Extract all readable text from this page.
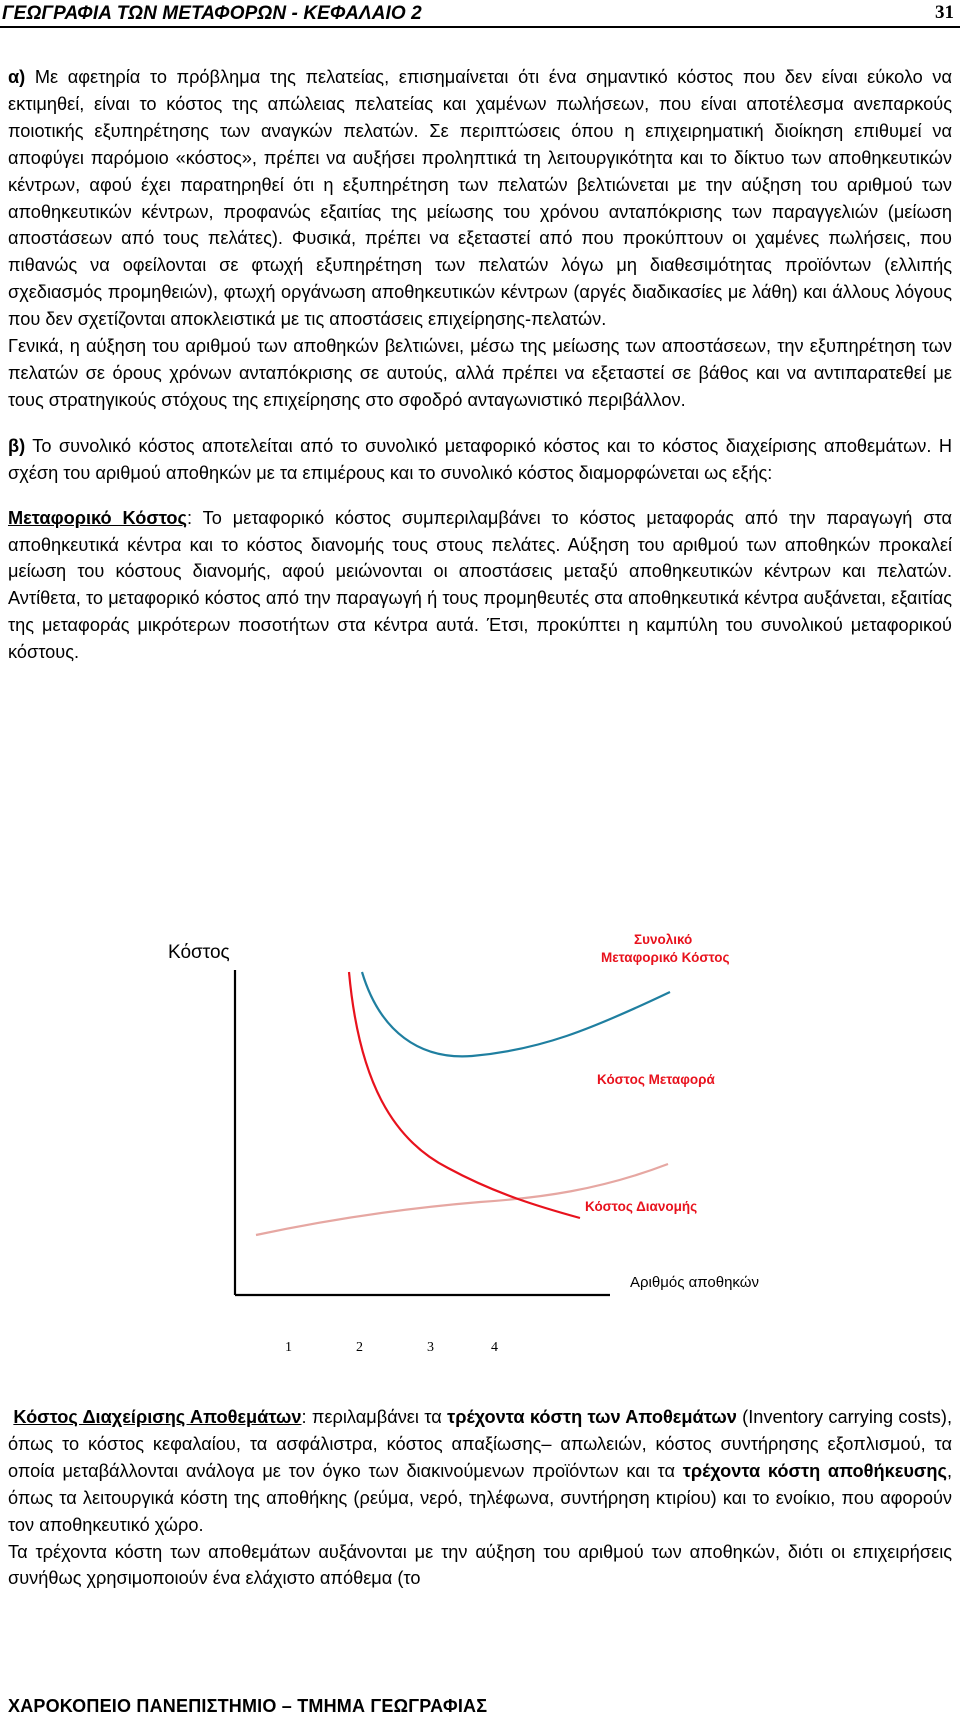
ΓΕΩΓΡΑΦΙΑ ΤΩΝ ΜΕΤΑΦΟΡΩΝ - ΚΕΦΑΛΑΙΟ 2	31

α) Με αφετηρία το πρόβλημα της πελατείας, επισημαίνεται ότι ένα σημαντικό κόστος που δεν είναι εύκολο να εκτιμηθεί, είναι το κόστος της απώλειας πελατείας και χαμένων πωλήσεων, που είναι αποτέλεσμα ανεπαρκούς ποιοτικής εξυπηρέτησης των αναγκών πελατών. Σε περιπτώσεις όπου η επιχειρηματική διοίκηση επιθυμεί να αποφύγει παρόμοιο «κόστος», πρέπει να αυξήσει προληπτικά τη λειτουργικότητα και το δίκτυο των αποθηκευτικών κέντρων, αφού έχει παρατηρηθεί ότι η εξυπηρέτηση των πελατών βελτιώνεται με την αύξηση του αριθμού των αποθηκευτικών κέντρων, προφανώς εξαιτίας της μείωσης του χρόνου ανταπόκρισης των παραγγελιών (μείωση αποστάσεων από τους πελάτες). Φυσικά, πρέπει να εξεταστεί από που προκύπτουν οι χαμένες πωλήσεις, που πιθανώς να οφείλονται σε φτωχή εξυπηρέτηση των πελατών λόγω μη διαθεσιμότητας προϊόντων (ελλιπής σχεδιασμός προμηθειών), φτωχή οργάνωση αποθηκευτικών κέντρων (αργές διαδικασίες με λάθη) και άλλους λόγους που δεν σχετίζονται αποκλειστικά με τις αποστάσεις επιχείρησης-πελατών.

Γενικά, η αύξηση του αριθμού των αποθηκών βελτιώνει, μέσω της μείωσης των αποστάσεων, την εξυπηρέτηση των πελατών σε όρους χρόνων ανταπόκρισης σε αυτούς, αλλά πρέπει να εξεταστεί σε βάθος και να αντιπαρατεθεί με τους στρατηγικούς στόχους της επιχείρησης στο σφοδρό ανταγωνιστικό περιβάλλον.

β) Το συνολικό κόστος αποτελείται από το συνολικό μεταφορικό κόστος και το κόστος διαχείρισης αποθεμάτων. Η σχέση του αριθμού αποθηκών με τα επιμέρους και το συνολικό κόστος διαμορφώνεται ως εξής:

Μεταφορικό Κόστος: Το μεταφορικό κόστος συμπεριλαμβάνει το κόστος μεταφοράς από την παραγωγή στα αποθηκευτικά κέντρα και το κόστος διανομής τους στους πελάτες. Αύξηση του αριθμού των αποθηκών προκαλεί μείωση του κόστους διανομής, αφού μειώνονται οι αποστάσεις μεταξύ αποθηκευτικών κέντρων και πελατών. Αντίθετα, το μεταφορικό κόστος από την παραγωγή ή τους προμηθευτές στα αποθηκευτικά κέντρα αυξάνεται, εξαιτίας της μεταφοράς μικρότερων ποσοτήτων στα κέντρα αυτά. Έτσι, προκύπτει η καμπύλη του συνολικού μεταφορικού κόστους.

Κόστος
Αριθμός αποθηκών
1	2	3	4
Συνολικό
Μεταφορικό Κόστος
Κόστος Μεταφορά
Κόστος Διανομής

Κόστος Διαχείρισης Αποθεμάτων: περιλαμβάνει τα τρέχοντα κόστη των Αποθεμάτων (Inventory carrying costs), όπως το κόστος κεφαλαίου, τα ασφάλιστρα, κόστος απαξίωσης– απωλειών, κόστος συντήρησης εξοπλισμού, τα οποία μεταβάλλονται ανάλογα με τον όγκο των διακινούμενων προϊόντων και τα τρέχοντα κόστη αποθήκευσης, όπως τα λειτουργικά κόστη της αποθήκης (ρεύμα, νερό, τηλέφωνα, συντήρηση κτιρίου) και το ενοίκιο, που αφορούν τον αποθηκευτικό χώρο.

Τα τρέχοντα κόστη των αποθεμάτων αυξάνονται με την αύξηση του αριθμού των αποθηκών, διότι οι επιχειρήσεις συνήθως χρησιμοποιούν ένα ελάχιστο απόθεμα (το

ΧΑΡΟΚΟΠΕΙΟ ΠΑΝΕΠΙΣΤΗΜΙΟ – ΤΜΗΜΑ ΓΕΩΓΡΑΦΙΑΣ
